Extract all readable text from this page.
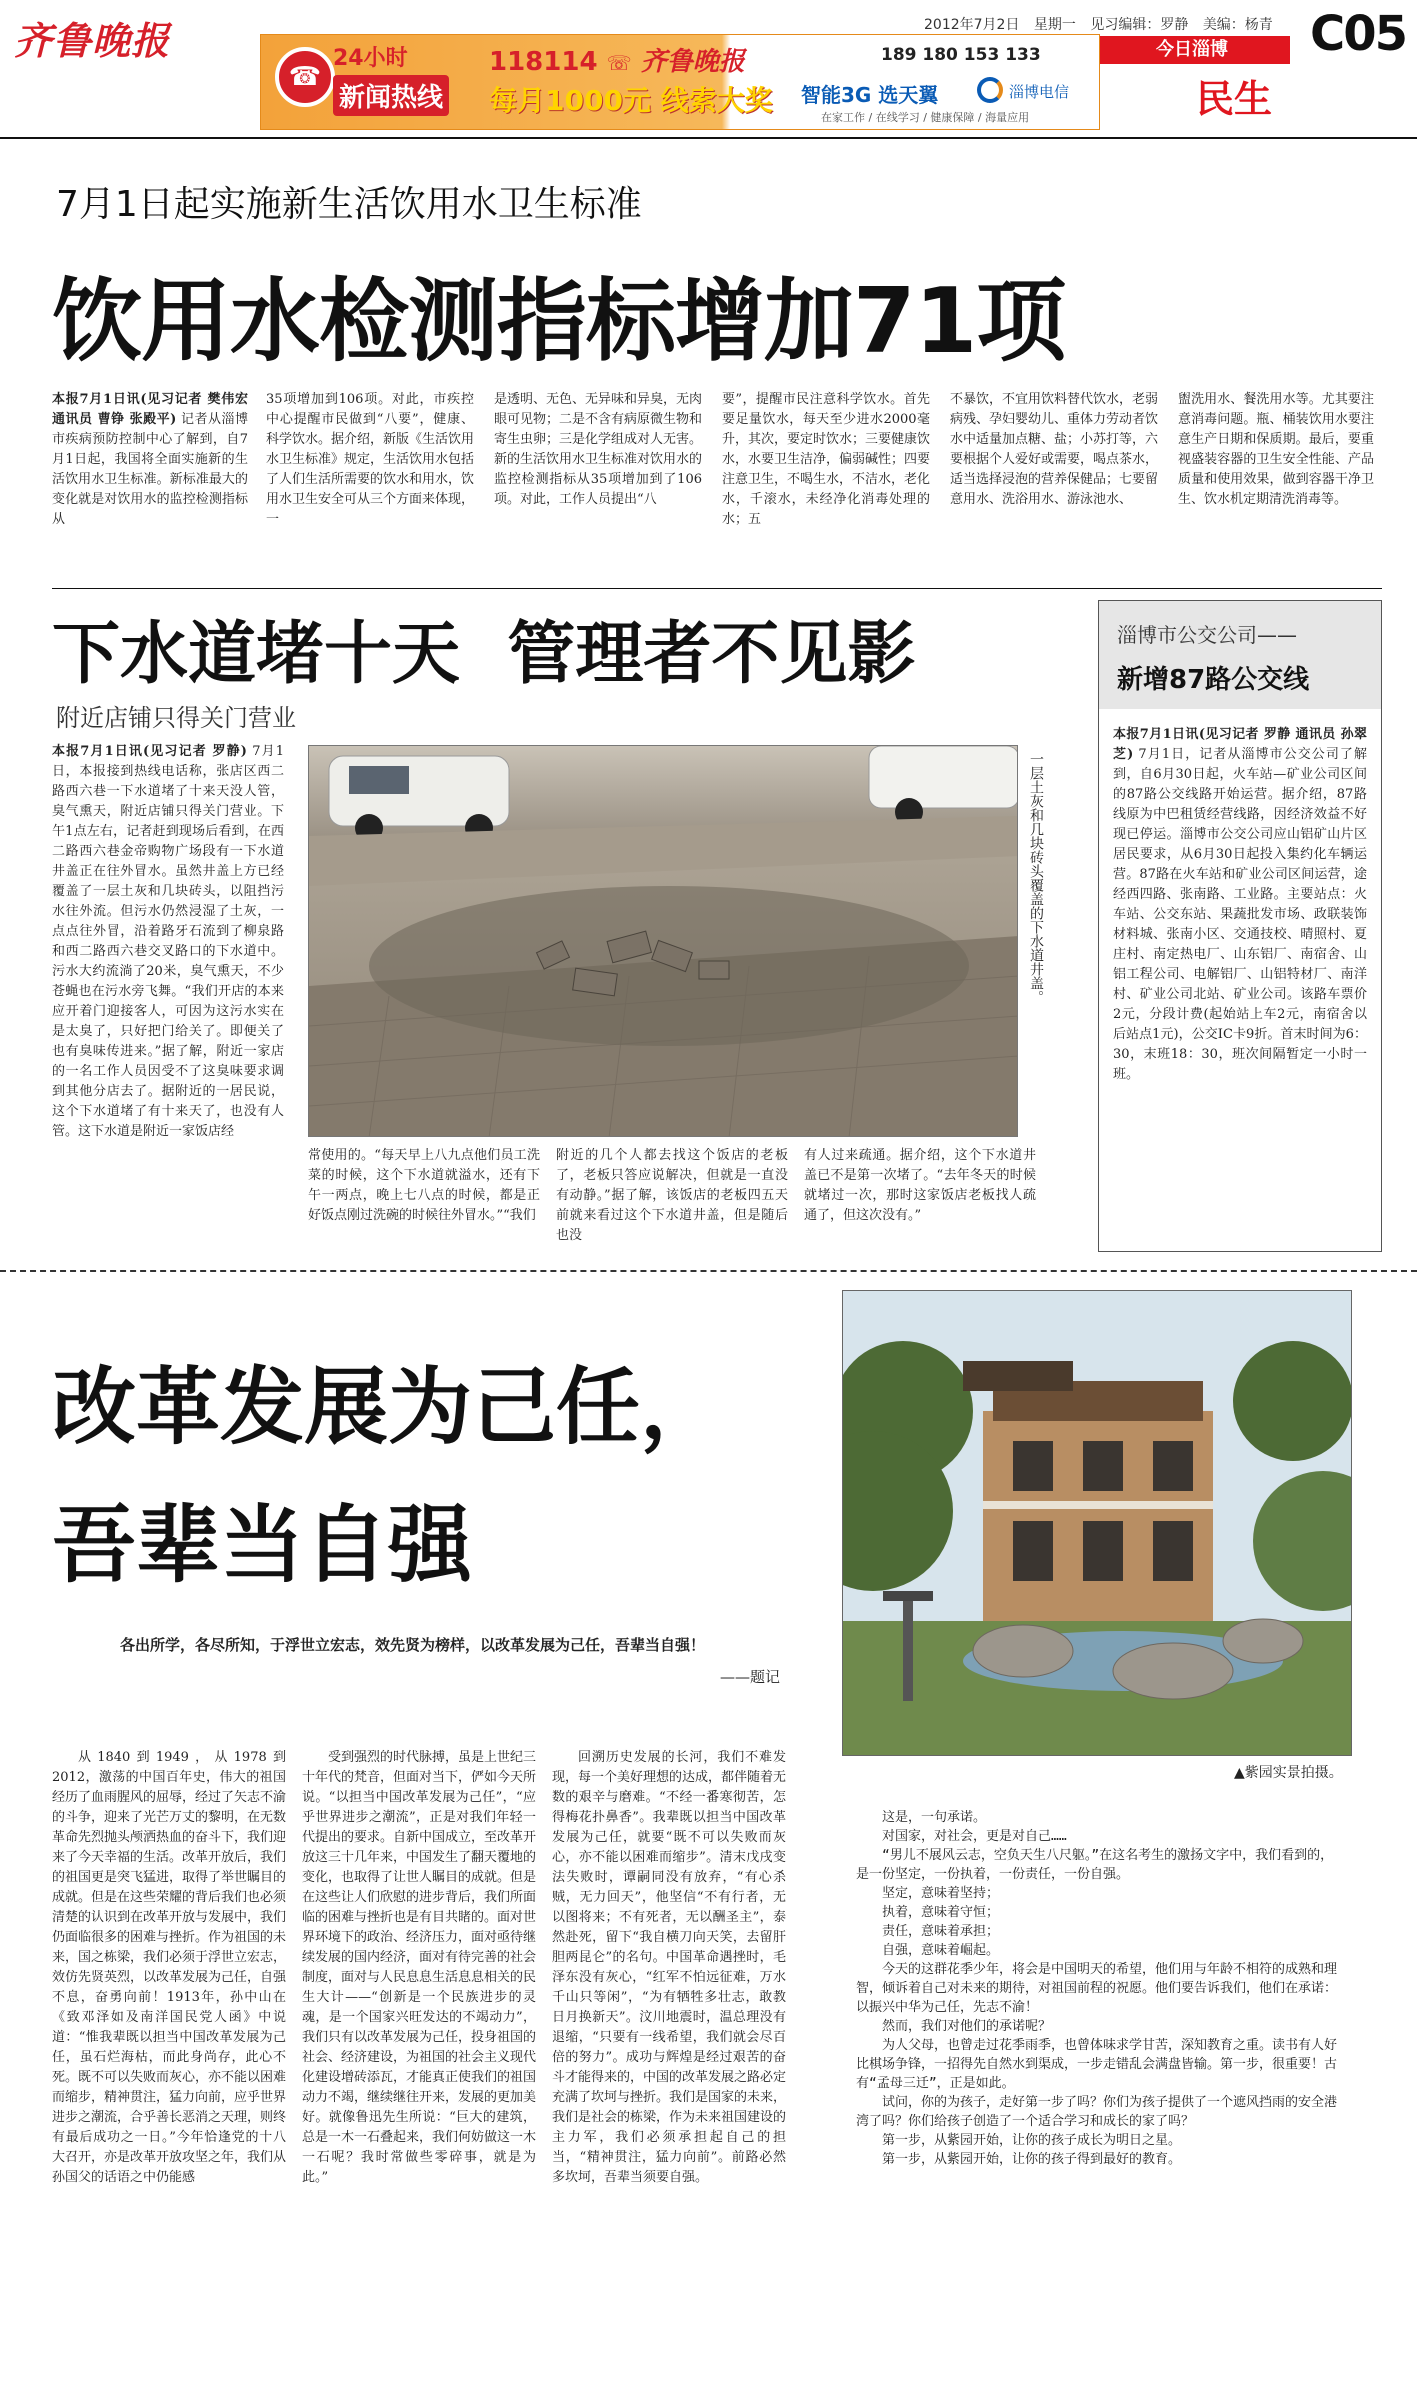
齐鲁晚报	2012年7月2日 星期一 见习编辑：罗静 美编：杨青 C05
今日淄博
民生
☎
24小时
新闻热线
118114 ☏ 齐鲁晚报
每月1000元 线索大奖
189 180 153 133
智能3G 选天翼	淄博电信
在家工作 / 在线学习 / 健康保障 / 海量应用
7月1日起实施新生活饮用水卫生标准
饮用水检测指标增加71项
本报7月1日讯(见习记者 樊伟宏 通讯员 曹铮 张殿平) 记者从淄博市疾病预防控制中心了解到，自7月1日起，我国将全面实施新的生活饮用水卫生标准。新标准最大的变化就是对饮用水的监控检测指标从
35项增加到106项。对此，市疾控中心提醒市民做到“八要”，健康、科学饮水。据介绍，新版《生活饮用水卫生标准》规定，生活饮用水包括了人们生活所需要的饮水和用水，饮用水卫生安全可从三个方面来体现，一
是透明、无色、无异味和异臭，无肉眼可见物；二是不含有病原微生物和寄生虫卵；三是化学组成对人无害。新的生活饮用水卫生标准对饮用水的监控检测指标从35项增加到了106项。对此，工作人员提出“八
要”，提醒市民注意科学饮水。首先要足量饮水，每天至少进水2000毫升，其次，要定时饮水；三要健康饮水，水要卫生洁净，偏弱碱性；四要注意卫生，不喝生水，不洁水，老化水，千滚水，未经净化消毒处理的水；五
不暴饮，不宜用饮料替代饮水，老弱病残、孕妇婴幼儿、重体力劳动者饮水中适量加点糖、盐；小苏打等，六要根据个人爱好或需要，喝点茶水，适当选择浸泡的营养保健品；七要留意用水、洗浴用水、游泳池水、
盥洗用水、餐洗用水等。尤其要注意消毒问题。瓶、桶装饮用水要注意生产日期和保质期。最后，要重视盛装容器的卫生安全性能、产品质量和使用效果，做到容器干净卫生、饮水机定期清洗消毒等。
下水道堵十天  管理者不见影
附近店铺只得关门营业
本报7月1日讯(见习记者 罗静) 7月1日，本报接到热线电话称，张店区西二路西六巷一下水道堵了十来天没人管，臭气熏天，附近店铺只得关门营业。下午1点左右，记者赶到现场后看到，在西二路西六巷金帝购物广场段有一下水道井盖正在往外冒水。虽然井盖上方已经覆盖了一层土灰和几块砖头，以阻挡污水往外流。但污水仍然浸湿了土灰，一点点往外冒，沿着路牙石流到了柳泉路和西二路西六巷交叉路口的下水道中。污水大约流淌了20米，臭气熏天，不少苍蝇也在污水旁飞舞。“我们开店的本来应开着门迎接客人，可因为这污水实在是太臭了，只好把门给关了。即便关了也有臭味传进来。”据了解，附近一家店的一名工作人员因受不了这臭味要求调到其他分店去了。据附近的一居民说，这个下水道堵了有十来天了，也没有人管。这下水道是附近一家饭店经
一层土灰和几块砖头覆盖的下水道井盖。
常使用的。“每天早上八九点他们员工洗菜的时候，这个下水道就溢水，还有下午一两点，晚上七八点的时候，都是正好饭点刚过洗碗的时候往外冒水。”“我们
附近的几个人都去找这个饭店的老板了，老板只答应说解决，但就是一直没有动静。”据了解，该饭店的老板四五天前就来看过这个下水道井盖，但是随后也没
有人过来疏通。据介绍，这个下水道井盖已不是第一次堵了。“去年冬天的时候就堵过一次，那时这家饭店老板找人疏通了，但这次没有。”
淄博市公交公司——
新增87路公交线
本报7月1日讯(见习记者 罗静 通讯员 孙翠芝) 7月1日，记者从淄博市公交公司了解到，自6月30日起，火车站—矿业公司区间的87路公交线路开始运营。据介绍，87路线原为中巴租赁经营线路，因经济效益不好现已停运。淄博市公交公司应山铝矿山片区居民要求，从6月30日起投入集约化车辆运营。87路在火车站和矿业公司区间运营，途经西四路、张南路、工业路。主要站点：火车站、公交东站、果蔬批发市场、政联装饰材料城、张南小区、交通技校、晴照村、夏庄村、南定热电厂、山东铝厂、南宿舍、山铝工程公司、电解铝厂、山铝特材厂、南洋村、矿业公司北站、矿业公司。该路车票价2元，分段计费(起始站上车2元，南宿舍以后站点1元)，公交IC卡9折。首末时间为6：30，末班18：30，班次间隔暂定一小时一班。
改革发展为己任，
吾辈当自强
各出所学，各尽所知，于浮世立宏志，效先贤为榜样，以改革发展为己任，吾辈当自强！
——题记
▲紫园实景拍摄。

从1840到1949，从1978到2012，激荡的中国百年史，伟大的祖国经历了血雨腥风的屈辱，经过了矢志不渝的斗争，迎来了光芒万丈的黎明，在无数革命先烈抛头颅洒热血的奋斗下，我们迎来了今天幸福的生活。改革开放后，我们的祖国更是突飞猛进，取得了举世瞩目的成就。但是在这些荣耀的背后我们也必须清楚的认识到在改革开放与发展中，我们仍面临很多的困难与挫折。作为祖国的未来，国之栋梁，我们必须于浮世立宏志，效仿先贤英烈，以改革发展为己任，自强不息，奋勇向前！1913年，孙中山在《致邓泽如及南洋国民党人函》中说道：“惟我辈既以担当中国改革发展为己任，虽石烂海枯，而此身尚存，此心不死。既不可以失败而灰心，亦不能以困难而缩步，精神贯注，猛力向前，应乎世界进步之潮流，合乎善长恶消之天理，则终有最后成功之一日。”今年恰逢党的十八大召开，亦是改革开放攻坚之年，我们从孙国父的话语之中仍能感

受到强烈的时代脉搏，虽是上世纪三十年代的梵音，但面对当下，俨如今天所说。“以担当中国改革发展为己任”，“应乎世界进步之潮流”，正是对我们年轻一代提出的要求。自新中国成立，至改革开放这三十几年来，中国发生了翻天覆地的变化，也取得了让世人瞩目的成就。但是在这些让人们欣慰的进步背后，我们所面临的困难与挫折也是有目共睹的。面对世界环境下的政治、经济压力，面对亟待继续发展的国内经济，面对有待完善的社会制度，面对与人民息息生活息息相关的民生大计——“创新是一个民族进步的灵魂，是一个国家兴旺发达的不竭动力”，我们只有以改革发展为己任，投身祖国的社会、经济建设，为祖国的社会主义现代化建设增砖添瓦，才能真正使我们的祖国动力不竭，继续继往开来，发展的更加美好。就像鲁迅先生所说：“巨大的建筑，总是一木一石叠起来，我们何妨做这一木一石呢？我时常做些零碎事，就是为此。”

回溯历史发展的长河，我们不难发现，每一个美好理想的达成，都伴随着无数的艰辛与磨难。“不经一番寒彻苦，怎得梅花扑鼻香”。我辈既以担当中国改革发展为己任，就要“既不可以失败而灰心，亦不能以困难而缩步”。清末戊戌变法失败时，谭嗣同没有放弃，“有心杀贼，无力回天”，他坚信“不有行者，无以图将来；不有死者，无以酬圣主”，泰然赴死，留下“我自横刀向天笑，去留肝胆两昆仑”的名句。中国革命遇挫时，毛泽东没有灰心，“红军不怕远征难，万水千山只等闲”，“为有牺牲多壮志，敢教日月换新天”。汶川地震时，温总理没有退缩，“只要有一线希望，我们就会尽百倍的努力”。成功与辉煌是经过艰苦的奋斗才能得来的，中国的改革发展之路必定充满了坎坷与挫折。我们是国家的未来，我们是社会的栋梁，作为未来祖国建设的主力军，我们必须承担起自己的担当，“精神贯注，猛力向前”。前路必然多坎坷，吾辈当须要自强。

这是，一句承诺。

对国家，对社会，更是对自己……

“男儿不展风云志，空负天生八尺躯。”在这名考生的激扬文字中，我们看到的，是一份坚定，一份执着，一份责任，一份自强。

坚定，意味着坚持；

执着，意味着守恒；

责任，意味着承担；

自强，意味着崛起。

今天的这群花季少年，将会是中国明天的希望，他们用与年龄不相符的成熟和理智，倾诉着自己对未来的期待，对祖国前程的祝愿。他们要告诉我们，他们在承诺：以振兴中华为己任，先志不渝！

然而，我们对他们的承诺呢？

为人父母，也曾走过花季雨季，也曾体味求学甘苦，深知教育之重。读书有人好比棋场争锋，一招得先自然水到渠成，一步走错乱会满盘皆输。第一步，很重要！古有“孟母三迁”，正是如此。

试问，你的为孩子，走好第一步了吗？你们为孩子提供了一个遮风挡雨的安全港湾了吗？你们给孩子创造了一个适合学习和成长的家了吗？

第一步，从紫园开始，让你的孩子成长为明日之星。

第一步，从紫园开始，让你的孩子得到最好的教育。
